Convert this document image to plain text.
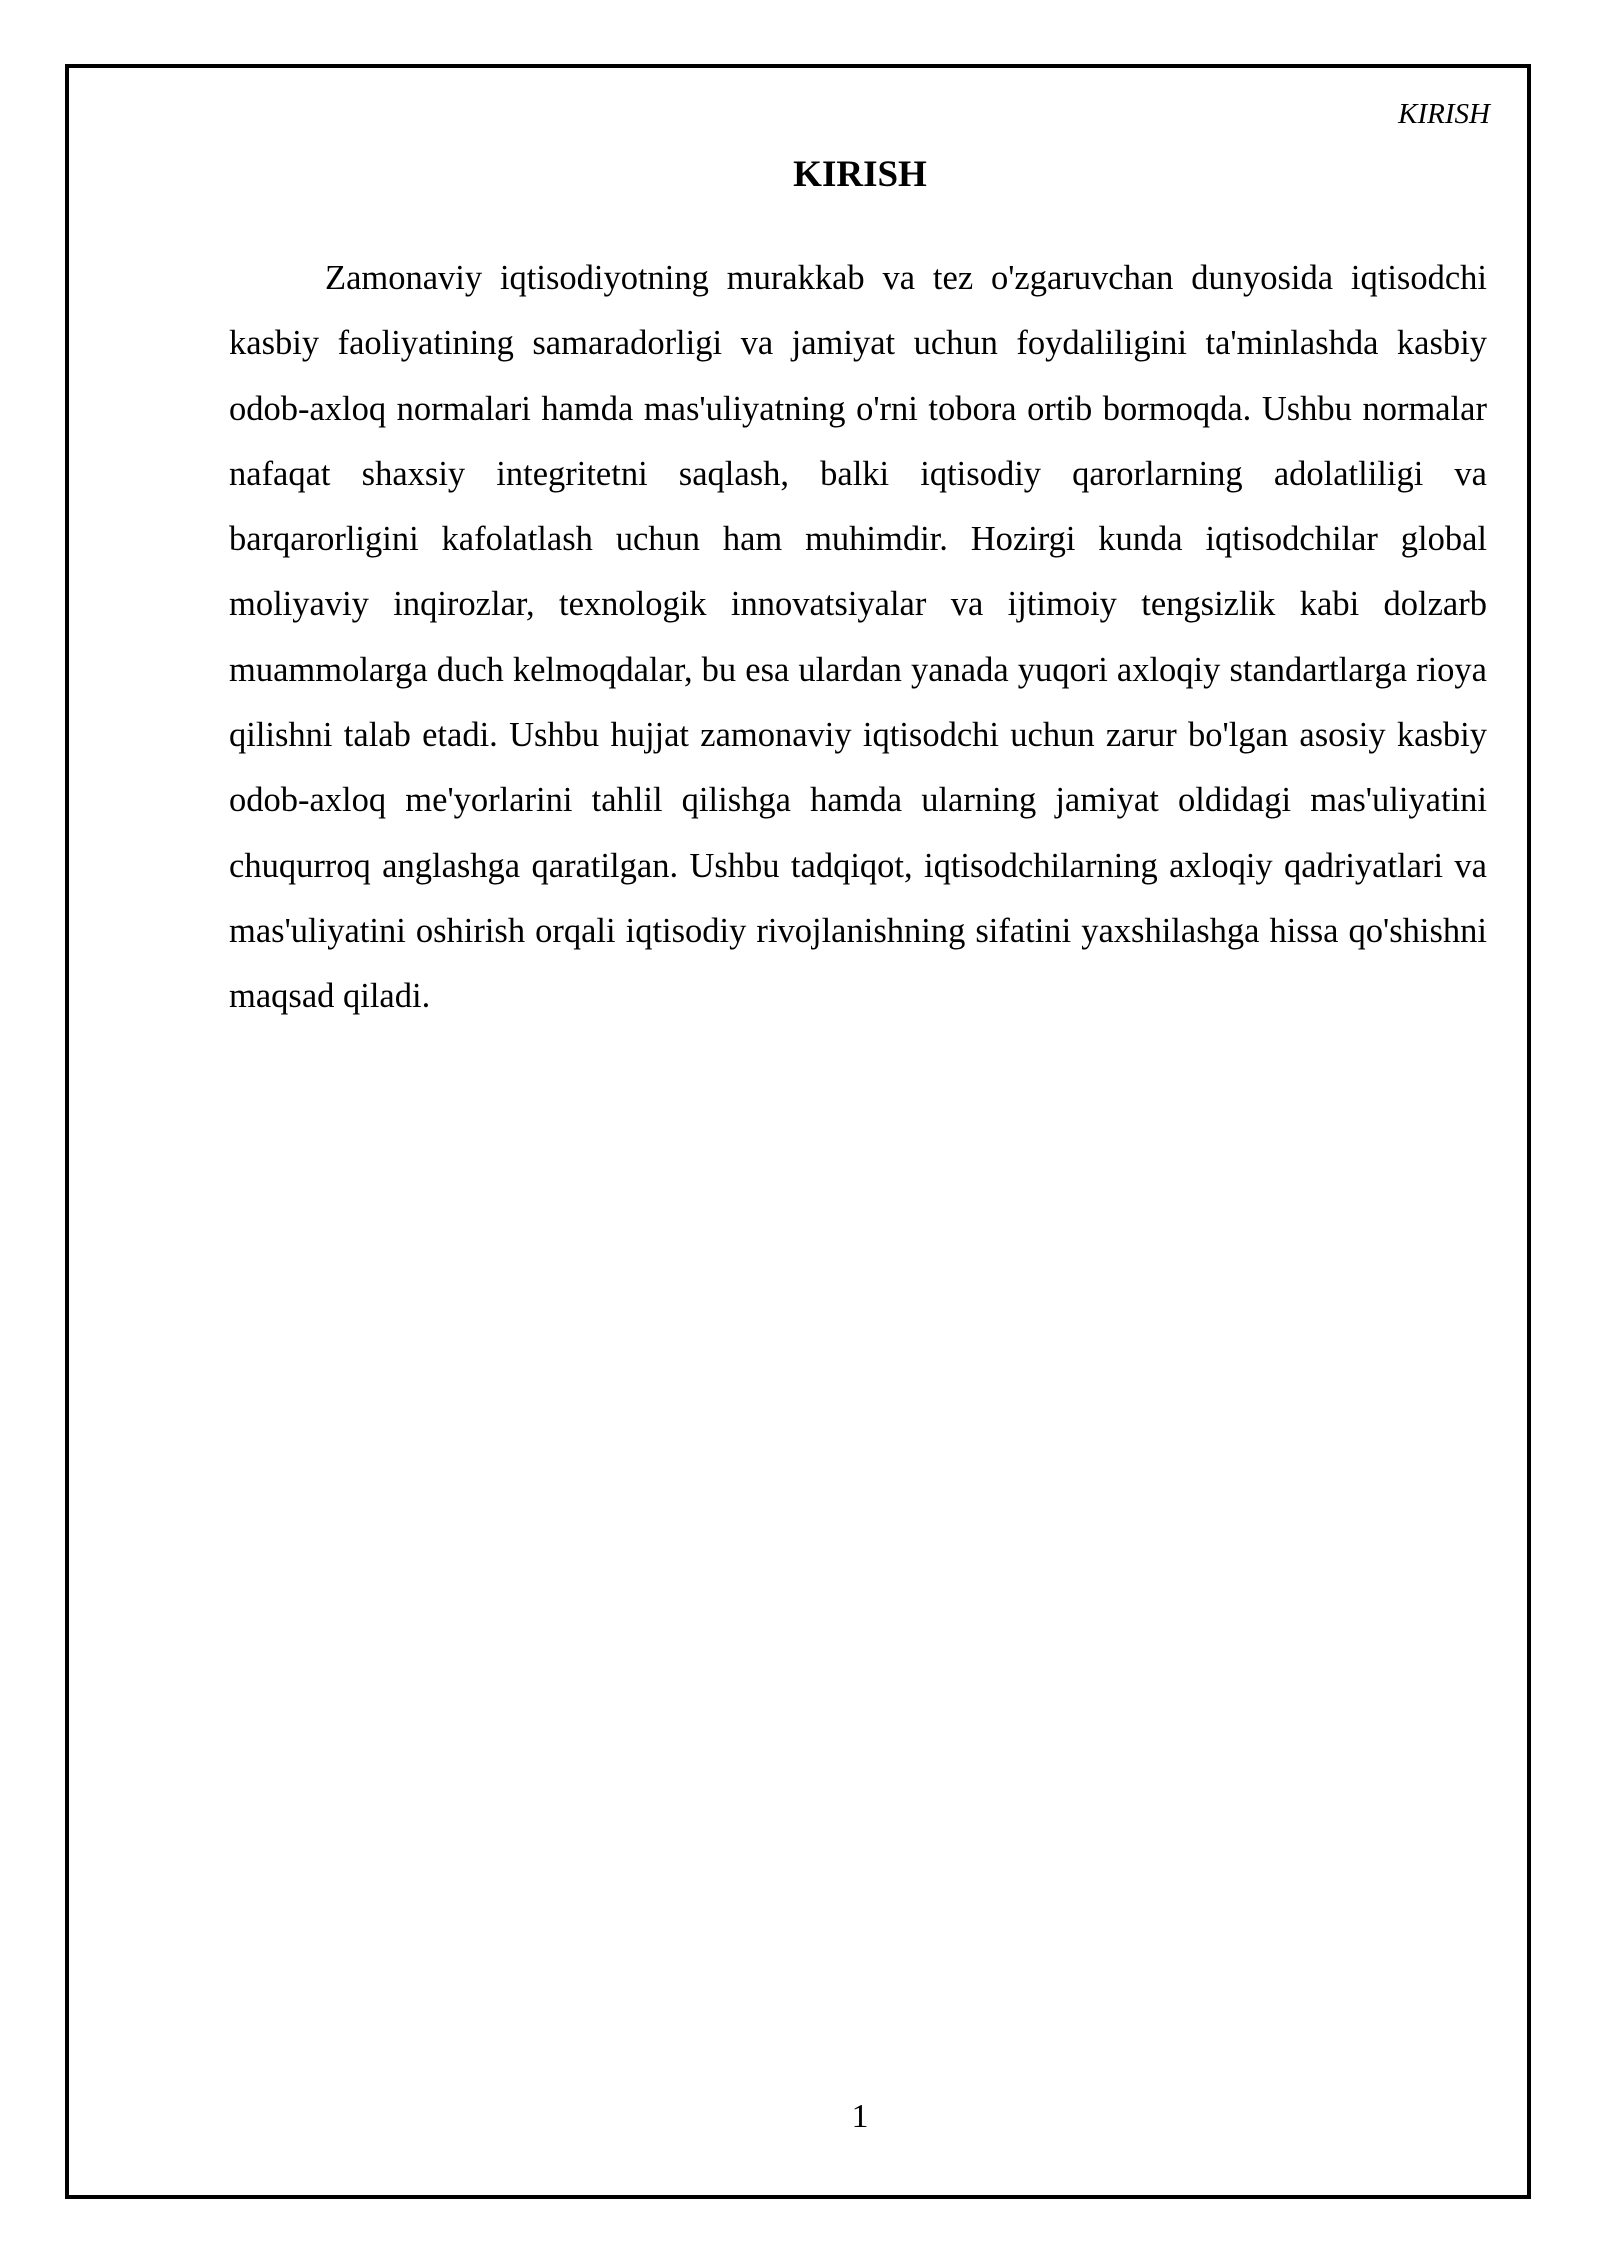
KIRISH
KIRISH

Zamonaviy iqtisodiyotning murakkab va tez o'zgaruvchan dunyosida iqtisodchi kasbiy faoliyatining samaradorligi va jamiyat uchun foydaliligini ta'minlashda kasbiy odob-axloq normalari hamda mas'uliyatning o'rni tobora ortib bormoqda. Ushbu normalar nafaqat shaxsiy integritetni saqlash, balki iqtisodiy qarorlarning adolatliligi va barqarorligini kafolatlash uchun ham muhimdir. Hozirgi kunda iqtisodchilar global moliyaviy inqirozlar, texnologik innovatsiyalar va ijtimoiy tengsizlik kabi dolzarb muammolarga duch kelmoqdalar, bu esa ulardan yanada yuqori axloqiy standartlarga rioya qilishni talab etadi. Ushbu hujjat zamonaviy iqtisodchi uchun zarur bo'lgan asosiy kasbiy odob-axloq me'yorlarini tahlil qilishga hamda ularning jamiyat oldidagi mas'uliyatini chuqurroq anglashga qaratilgan. Ushbu tadqiqot, iqtisodchilarning axloqiy qadriyatlari va mas'uliyatini oshirish orqali iqtisodiy rivojlanishning sifatini yaxshilashga hissa qo'shishni maqsad qiladi.

1
